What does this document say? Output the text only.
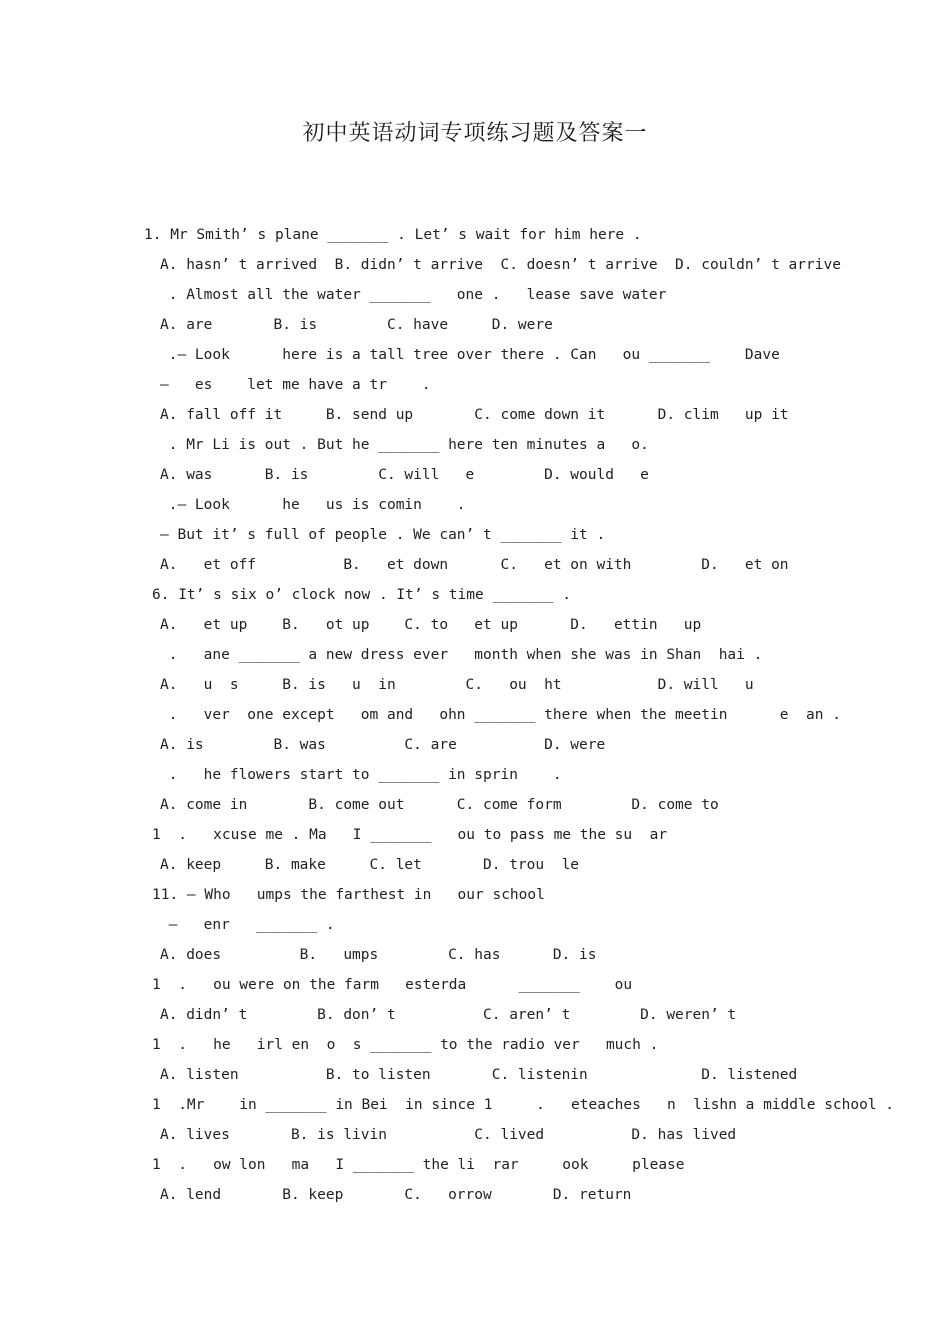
初中英语动词专项练习题及答案一
1. Mr Smith’ s plane _______ . Let’ s wait for him here .
A. hasn’ t arrived  B. didn’ t arrive  C. doesn’ t arrive  D. couldn’ t arrive
. Almost all the water _______   one .   lease save water
A. are       B. is        C. have     D. were
.— Look      here is a tall tree over there . Can   ou _______    Dave
—   es    let me have a tr    .
A. fall off it     B. send up       C. come down it      D. clim   up it
. Mr Li is out . But he _______ here ten minutes a   o.
A. was      B. is        C. will   e        D. would   e
.— Look      he   us is comin    .
— But it’ s full of people . We can’ t _______ it .
A.   et off          B.   et down      C.   et on with        D.   et on
6. It’ s six o’ clock now . It’ s time _______ .
A.   et up    B.   ot up    C. to   et up      D.   ettin   up
.   ane _______ a new dress ever   month when she was in Shan  hai .
A.   u  s     B. is   u  in        C.   ou  ht           D. will   u
.   ver  one except   om and   ohn _______ there when the meetin      e  an .
A. is        B. was         C. are          D. were
.   he flowers start to _______ in sprin    .
A. come in       B. come out      C. come form        D. come to
1  .   xcuse me . Ma   I _______   ou to pass me the su  ar
A. keep     B. make     C. let       D. trou  le
11. — Who   umps the farthest in   our school
—   enr   _______ .
A. does         B.   umps        C. has      D. is
1  .   ou were on the farm   esterda      _______    ou
A. didn’ t        B. don’ t          C. aren’ t        D. weren’ t
1  .   he   irl en  o  s _______ to the radio ver   much .
A. listen          B. to listen       C. listenin             D. listened
1  .Mr    in _______ in Bei  in since 1     .   eteaches   n  lishn a middle school .
A. lives       B. is livin          C. lived          D. has lived
1  .   ow lon   ma   I _______ the li  rar     ook     please
A. lend       B. keep       C.   orrow       D. return
